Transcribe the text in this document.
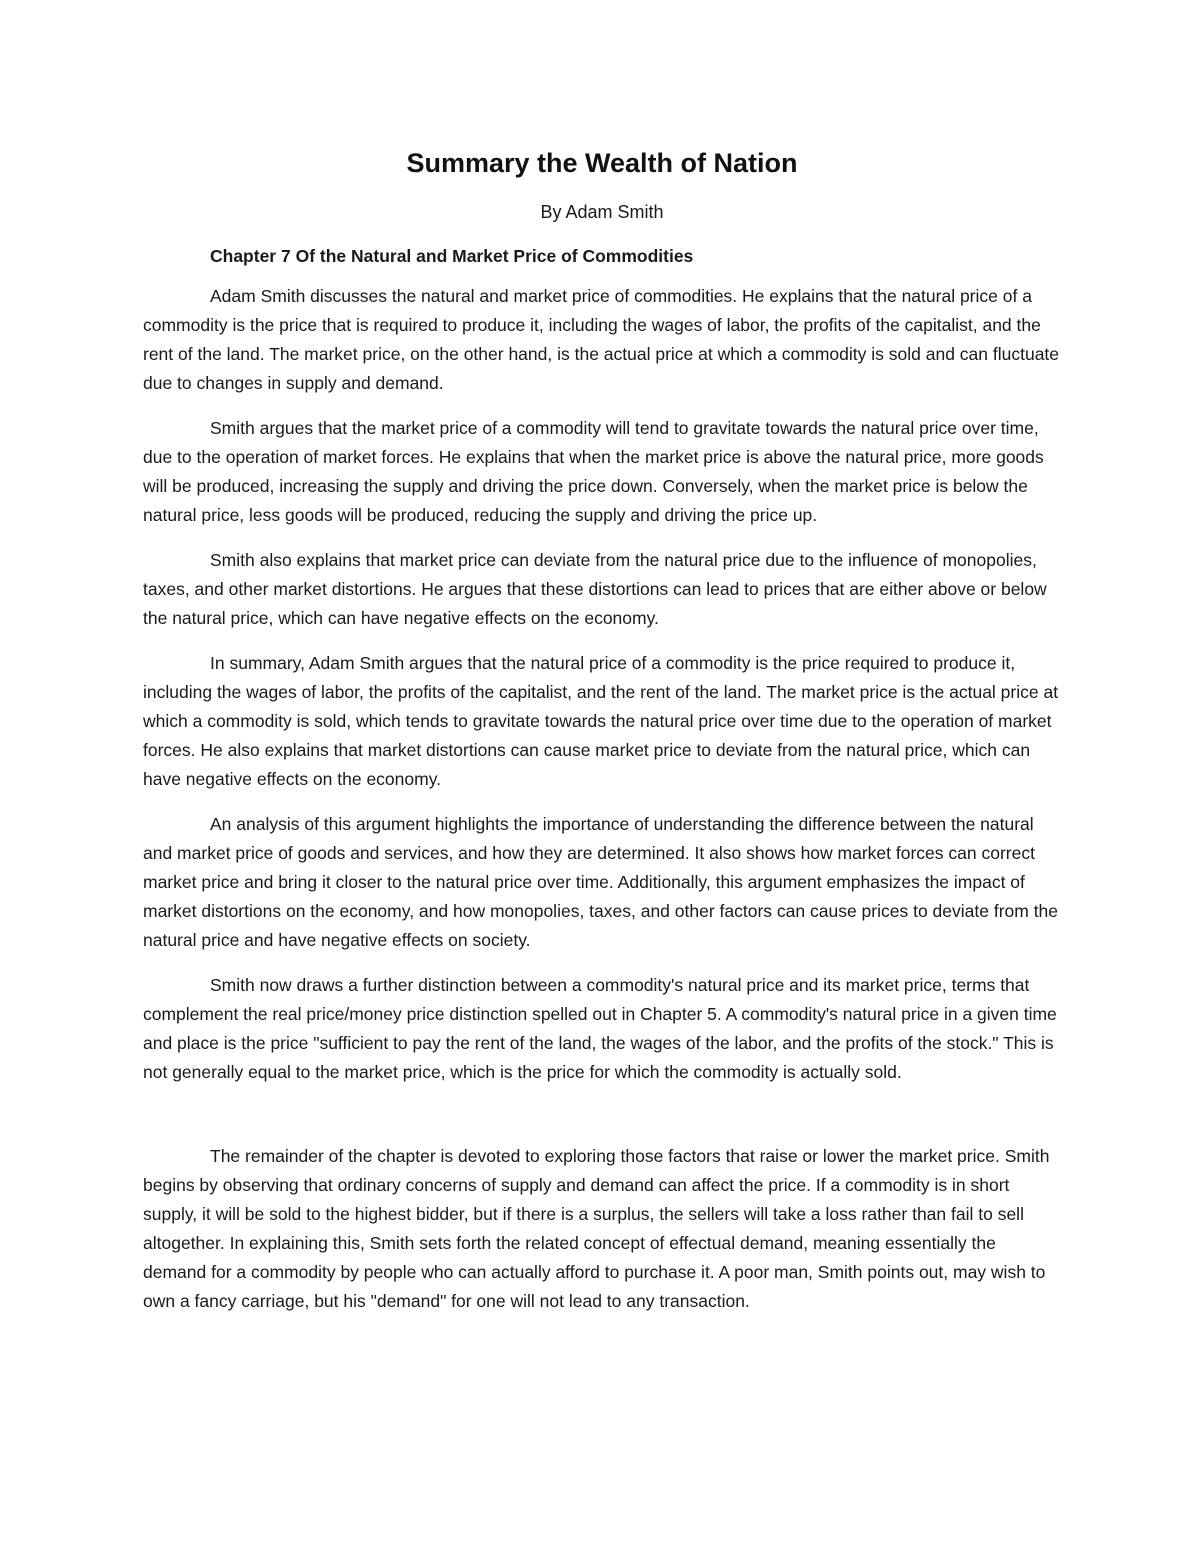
Summary the Wealth of Nation

By Adam Smith

Chapter 7 Of the Natural and Market Price of Commodities

Adam Smith discusses the natural and market price of commodities. He explains that the natural price of a commodity is the price that is required to produce it, including the wages of labor, the profits of the capitalist, and the rent of the land. The market price, on the other hand, is the actual price at which a commodity is sold and can fluctuate due to changes in supply and demand.

Smith argues that the market price of a commodity will tend to gravitate towards the natural price over time, due to the operation of market forces. He explains that when the market price is above the natural price, more goods will be produced, increasing the supply and driving the price down. Conversely, when the market price is below the natural price, less goods will be produced, reducing the supply and driving the price up.

Smith also explains that market price can deviate from the natural price due to the influence of monopolies, taxes, and other market distortions. He argues that these distortions can lead to prices that are either above or below the natural price, which can have negative effects on the economy.

In summary, Adam Smith argues that the natural price of a commodity is the price required to produce it, including the wages of labor, the profits of the capitalist, and the rent of the land. The market price is the actual price at which a commodity is sold, which tends to gravitate towards the natural price over time due to the operation of market forces. He also explains that market distortions can cause market price to deviate from the natural price, which can have negative effects on the economy.

An analysis of this argument highlights the importance of understanding the difference between the natural and market price of goods and services, and how they are determined. It also shows how market forces can correct market price and bring it closer to the natural price over time. Additionally, this argument emphasizes the impact of market distortions on the economy, and how monopolies, taxes, and other factors can cause prices to deviate from the natural price and have negative effects on society.

Smith now draws a further distinction between a commodity's natural price and its market price, terms that complement the real price/money price distinction spelled out in Chapter 5. A commodity's natural price in a given time and place is the price "sufficient to pay the rent of the land, the wages of the labor, and the profits of the stock." This is not generally equal to the market price, which is the price for which the commodity is actually sold.

The remainder of the chapter is devoted to exploring those factors that raise or lower the market price. Smith begins by observing that ordinary concerns of supply and demand can affect the price. If a commodity is in short supply, it will be sold to the highest bidder, but if there is a surplus, the sellers will take a loss rather than fail to sell altogether. In explaining this, Smith sets forth the related concept of effectual demand, meaning essentially the demand for a commodity by people who can actually afford to purchase it. A poor man, Smith points out, may wish to own a fancy carriage, but his "demand" for one will not lead to any transaction.
